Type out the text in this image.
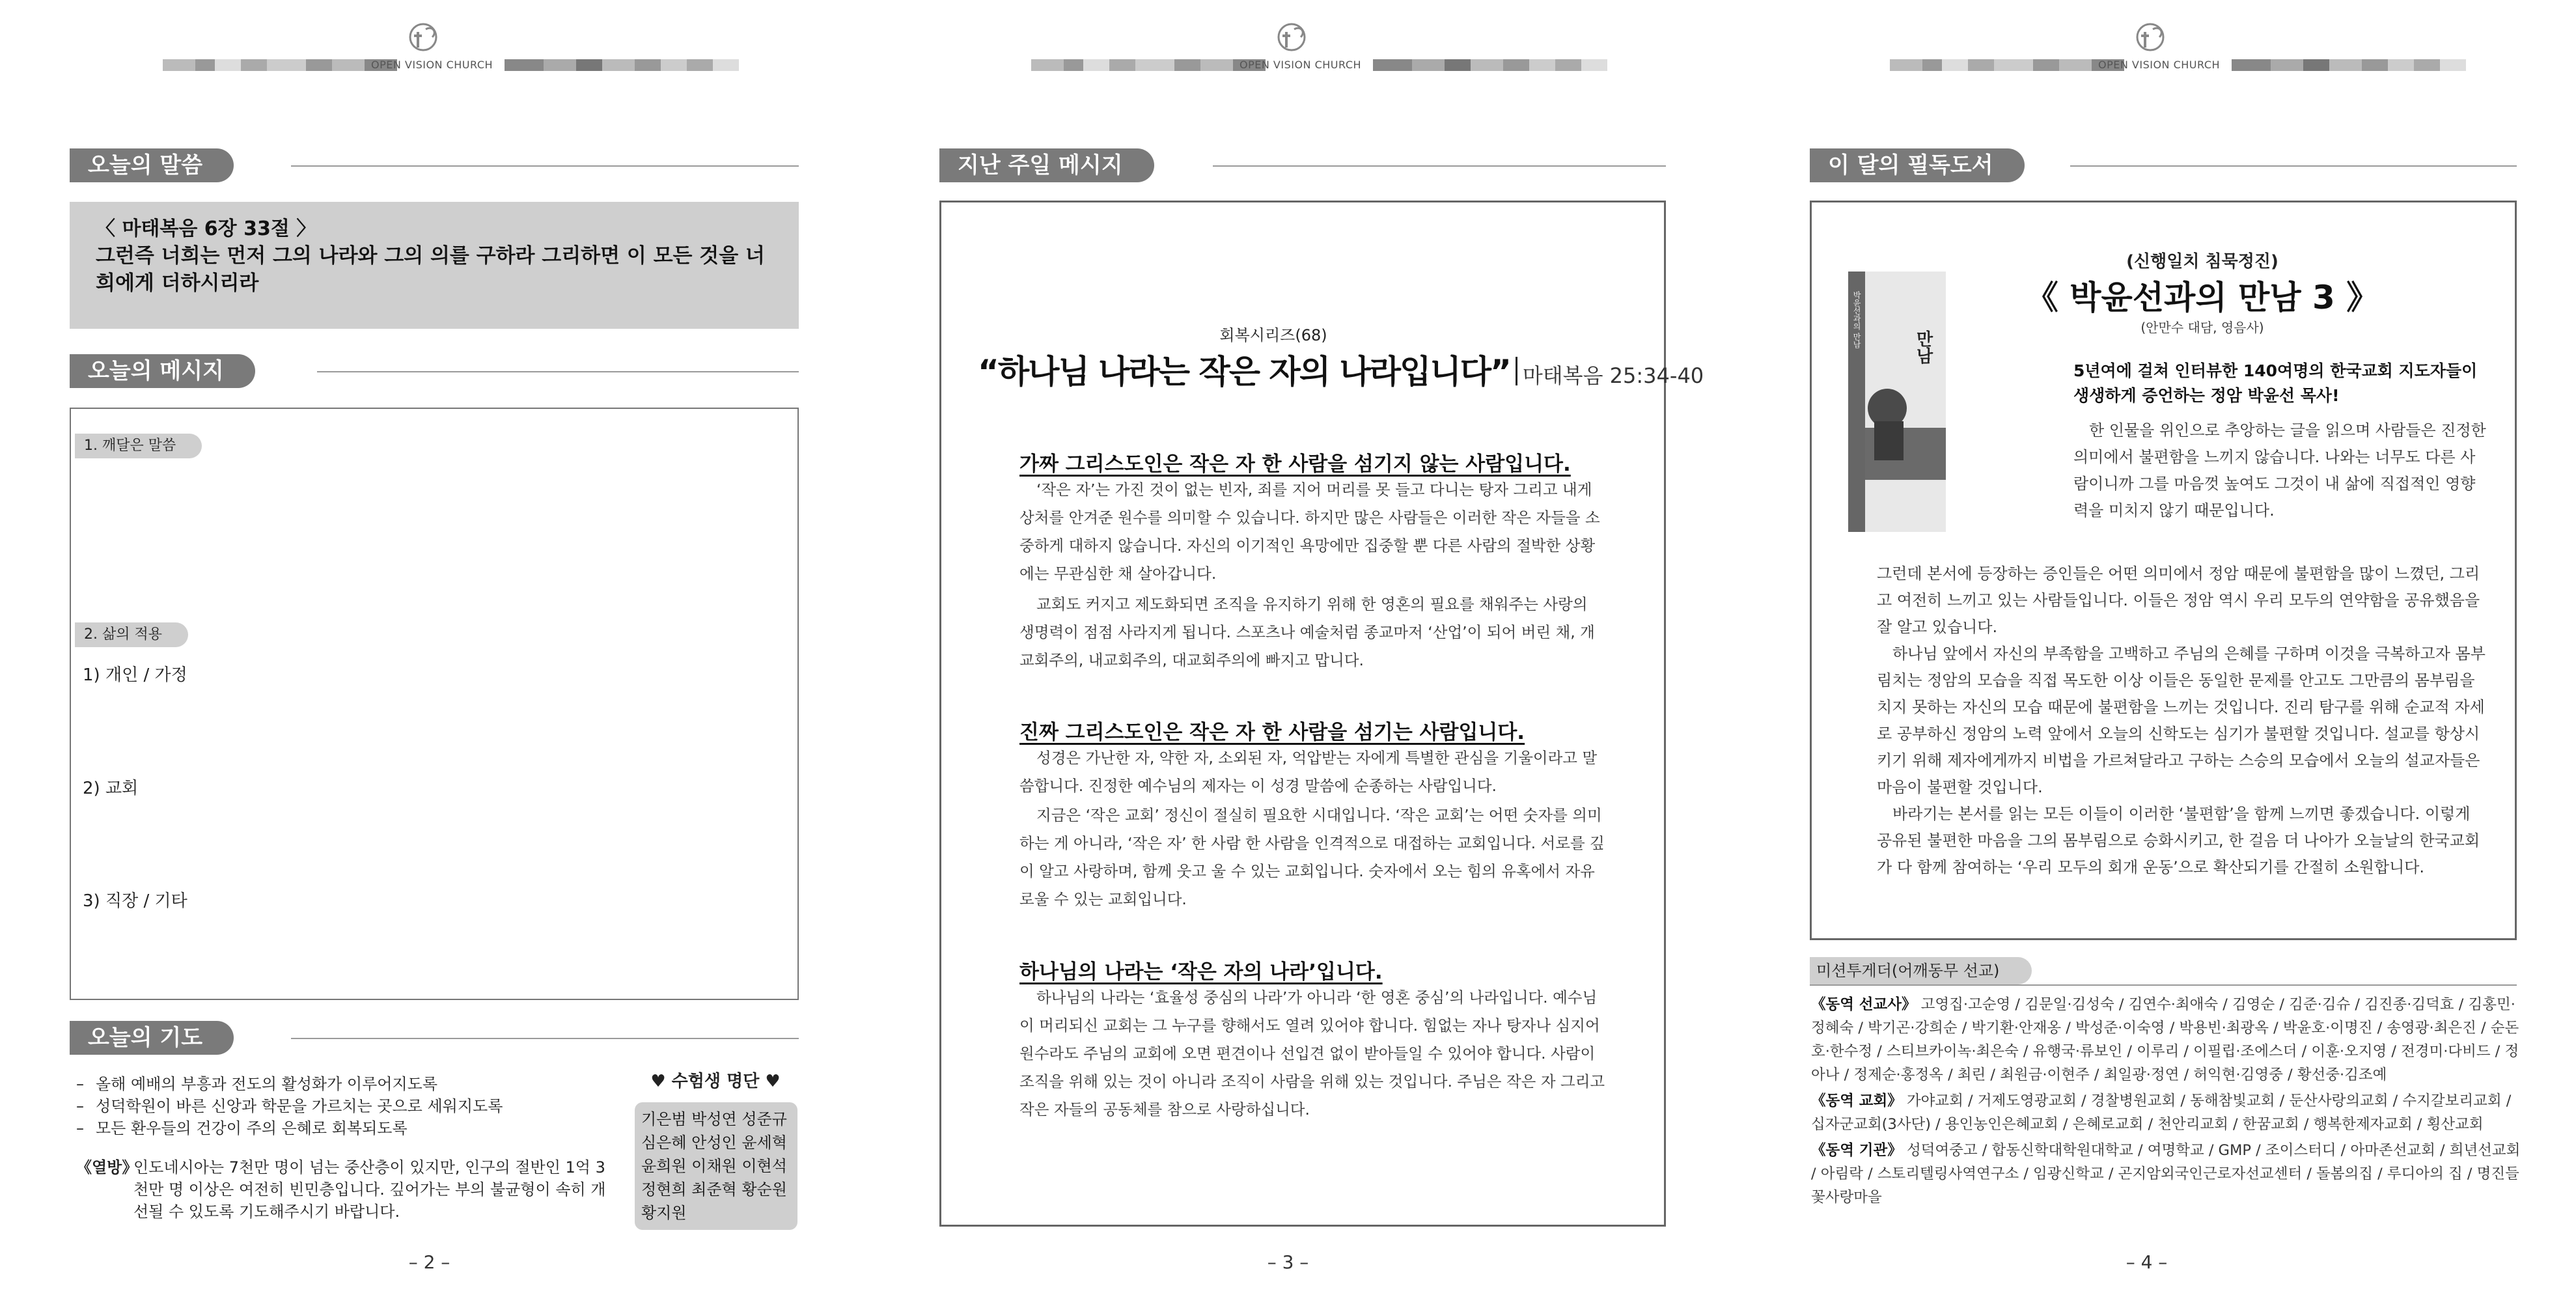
OPEN VISION CHURCH
오늘의 말씀
〈 마태복음 6장 33절 〉
그런즉 너희는 먼저 그의 나라와 그의 의를 구하라 그리하면 이 모든 것을 너희에게 더하시리라
오늘의 메시지
1. 깨달은 말씀
2. 삶의 적용
1) 개인 / 가정
2) 교회
3) 직장 / 기타
오늘의 기도
– 올해 예배의 부흥과 전도의 활성화가 이루어지도록
– 성덕학원이 바른 신앙과 학문을 가르치는 곳으로 세워지도록
– 모든 환우들의 건강이 주의 은혜로 회복되도록
《열방》
인도네시아는 7천만 명이 넘는 중산층이 있지만, 인구의 절반인 1억 3천만 명 이상은 여전히 빈민층입니다. 깊어가는 부의 불균형이 속히 개선될 수 있도록 기도해주시기 바랍니다.
♥ 수험생 명단 ♥
기은범 박성연 성준규
심은혜 안성인 윤세혁
윤희원 이채원 이현석
정현희 최준혁 황순원
황지원
– 2 –
OPEN VISION CHURCH
지난 주일 메시지
회복시리즈(68)
“하나님 나라는 작은 자의 나라입니다” 마태복음 25:34-40
가짜 그리스도인은 작은 자 한 사람을 섬기지 않는 사람입니다.
‘작은 자’는 가진 것이 없는 빈자, 죄를 지어 머리를 못 들고 다니는 탕자 그리고 내게 상처를 안겨준 원수를 의미할 수 있습니다. 하지만 많은 사람들은 이러한 작은 자들을 소중하게 대하지 않습니다. 자신의 이기적인 욕망에만 집중할 뿐 다른 사람의 절박한 상황에는 무관심한 채 살아갑니다.
교회도 커지고 제도화되면 조직을 유지하기 위해 한 영혼의 필요를 채워주는 사랑의 생명력이 점점 사라지게 됩니다. 스포츠나 예술처럼 종교마저 ‘산업’이 되어 버린 채, 개교회주의, 내교회주의, 대교회주의에 빠지고 맙니다.
진짜 그리스도인은 작은 자 한 사람을 섬기는 사람입니다.
성경은 가난한 자, 약한 자, 소외된 자, 억압받는 자에게 특별한 관심을 기울이라고 말씀합니다. 진정한 예수님의 제자는 이 성경 말씀에 순종하는 사람입니다.
지금은 ‘작은 교회’ 정신이 절실히 필요한 시대입니다. ‘작은 교회’는 어떤 숫자를 의미하는 게 아니라, ‘작은 자’ 한 사람 한 사람을 인격적으로 대접하는 교회입니다. 서로를 깊이 알고 사랑하며, 함께 웃고 울 수 있는 교회입니다. 숫자에서 오는 힘의 유혹에서 자유로울 수 있는 교회입니다.
하나님의 나라는 ‘작은 자의 나라’입니다.
하나님의 나라는 ‘효율성 중심의 나라’가 아니라 ‘한 영혼 중심’의 나라입니다. 예수님이 머리되신 교회는 그 누구를 향해서도 열려 있어야 합니다. 힘없는 자나 탕자나 심지어 원수라도 주님의 교회에 오면 편견이나 선입견 없이 받아들일 수 있어야 합니다. 사람이 조직을 위해 있는 것이 아니라 조직이 사람을 위해 있는 것입니다. 주님은 작은 자 그리고 작은 자들의 공동체를 참으로 사랑하십니다.
– 3 –
OPEN VISION CHURCH
이 달의 필독도서
만남
박윤선과의 만남
(신행일치 침묵정진)
《 박윤선과의 만남 3 》
(안만수 대담, 영음사)
5년여에 걸쳐 인터뷰한 140여명의 한국교회 지도자들이 생생하게 증언하는 정암 박윤선 목사!
한 인물을 위인으로 추앙하는 글을 읽으며 사람들은 진정한 의미에서 불편함을 느끼지 않습니다. 나와는 너무도 다른 사람이니까 그를 마음껏 높여도 그것이 내 삶에 직접적인 영향력을 미치지 않기 때문입니다.

그런데 본서에 등장하는 증인들은 어떤 의미에서 정암 때문에 불편함을 많이 느꼈던, 그리고 여전히 느끼고 있는 사람들입니다. 이들은 정암 역시 우리 모두의 연약함을 공유했음을 잘 알고 있습니다.

하나님 앞에서 자신의 부족함을 고백하고 주님의 은혜를 구하며 이것을 극복하고자 몸부림치는 정암의 모습을 직접 목도한 이상 이들은 동일한 문제를 안고도 그만큼의 몸부림을 치지 못하는 자신의 모습 때문에 불편함을 느끼는 것입니다. 진리 탐구를 위해 순교적 자세로 공부하신 정암의 노력 앞에서 오늘의 신학도는 심기가 불편할 것입니다. 설교를 항상시키기 위해 제자에게까지 비법을 가르쳐달라고 구하는 스승의 모습에서 오늘의 설교자들은 마음이 불편할 것입니다.

바라기는 본서를 읽는 모든 이들이 이러한 ‘불편함’을 함께 느끼면 좋겠습니다. 이렇게 공유된 불편한 마음을 그의 몸부림으로 승화시키고, 한 걸음 더 나아가 오늘날의 한국교회가 다 함께 참여하는 ‘우리 모두의 회개 운동’으로 확산되기를 간절히 소원합니다.

미션투게더(어깨동무 선교)
《동역 선교사》 고영집·고순영 / 김문일·김성숙 / 김연수·최애숙 / 김영순 / 김준·김슈 / 김진종·김덕효 / 김홍민·정혜숙 / 박기곤·강희순 / 박기환·안재옹 / 박성준·이숙영 / 박용빈·최광옥 / 박윤호·이명진 / 송영광·최은진 / 순돈호·한수정 / 스티브카이녹·최은숙 / 유행국·류보인 / 이루리 / 이필립·조에스더 / 이훈·오지영 / 전경미·다비드 / 정아나 / 정제순·홍정옥 / 최린 / 최원금·이현주 / 최일광·정연 / 허익현·김영중 / 황선중·김조예
《동역 교회》 가야교회 / 거제도영광교회 / 경찰병원교회 / 동해참빛교회 / 둔산사랑의교회 / 수지갈보리교회 / 십자군교회(3사단) / 용인농인은혜교회 / 은혜로교회 / 천안리교회 / 한꿈교회 / 행복한제자교회 / 횡산교회
《동역 기관》 성덕여중고 / 합동신학대학원대학교 / 여명학교 / GMP / 조이스터디 / 아마존선교회 / 희년선교회 / 아림락 / 스토리텔링사역연구소 / 임광신학교 / 곤지암외국인근로자선교센터 / 돌봄의집 / 루디아의 집 / 명진들꽃사랑마을
– 4 –
